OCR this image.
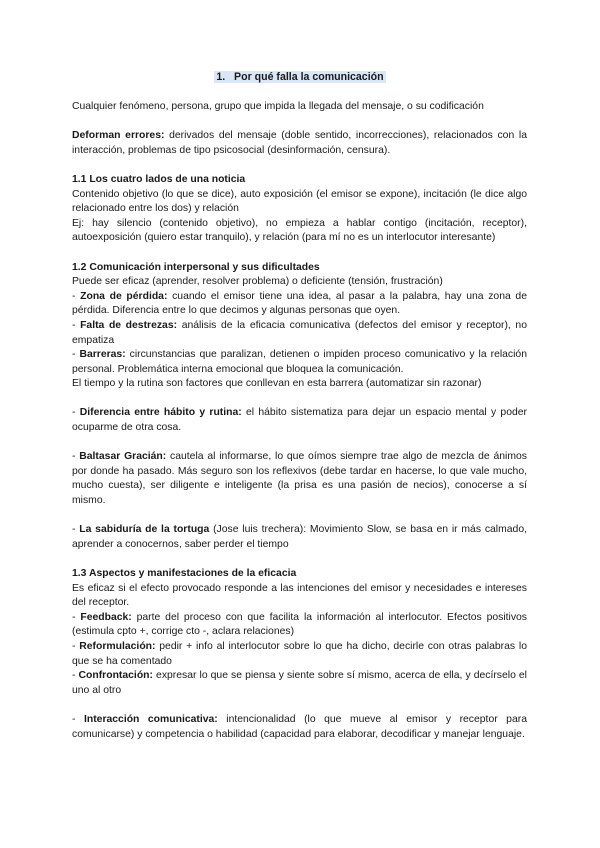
1.   Por qué falla la comunicación

Cualquier fenómeno, persona, grupo que impida la llegada del mensaje, o su codificación

Deforman errores: derivados del mensaje (doble sentido, incorrecciones), relacionados con la interacción, problemas de tipo psicosocial (desinformación, censura).

1.1 Los cuatro lados de una noticia

Contenido objetivo (lo que se dice), auto exposición (el emisor se expone), incitación (le dice algo relacionado entre los dos) y relación

Ej: hay silencio (contenido objetivo), no empieza a hablar contigo (incitación, receptor), autoexposición (quiero estar tranquilo), y relación (para mí no es un interlocutor interesante)

1.2 Comunicación interpersonal y sus dificultades

Puede ser eficaz (aprender, resolver problema) o deficiente (tensión, frustración)

- Zona de pérdida: cuando el emisor tiene una idea, al pasar a la palabra, hay una zona de pérdida. Diferencia entre lo que decimos y algunas personas que oyen.

- Falta de destrezas: análisis de la eficacia comunicativa (defectos del emisor y receptor), no empatiza

- Barreras: circunstancias que paralizan, detienen o impiden proceso comunicativo y la relación personal. Problemática interna emocional que bloquea la comunicación.

El tiempo y la rutina son factores que conllevan en esta barrera (automatizar sin razonar)

- Diferencia entre hábito y rutina: el hábito sistematiza para dejar un espacio mental y poder ocuparme de otra cosa.

- Baltasar Gracián: cautela al informarse, lo que oímos siempre trae algo de mezcla de ánimos por donde ha pasado. Más seguro son los reflexivos (debe tardar en hacerse, lo que vale mucho, mucho cuesta), ser diligente e inteligente (la prisa es una pasión de necios), conocerse a sí mismo.

- La sabiduría de la tortuga (Jose luis trechera): Movimiento Slow, se basa en ir más calmado, aprender a conocernos, saber perder el tiempo

1.3 Aspectos y manifestaciones de la eficacia

Es eficaz si el efecto provocado responde a las intenciones del emisor y necesidades e intereses del receptor.

- Feedback: parte del proceso con que facilita la información al interlocutor. Efectos positivos (estimula cpto +, corrige cto -, aclara relaciones)

- Reformulación: pedir + info al interlocutor sobre lo que ha dicho, decirle con otras palabras lo que se ha comentado

- Confrontación: expresar lo que se piensa y siente sobre sí mismo, acerca de ella, y decírselo el uno al otro

- Interacción comunicativa: intencionalidad (lo que mueve al emisor y receptor para comunicarse) y competencia o habilidad (capacidad para elaborar, decodificar y manejar lenguaje.
